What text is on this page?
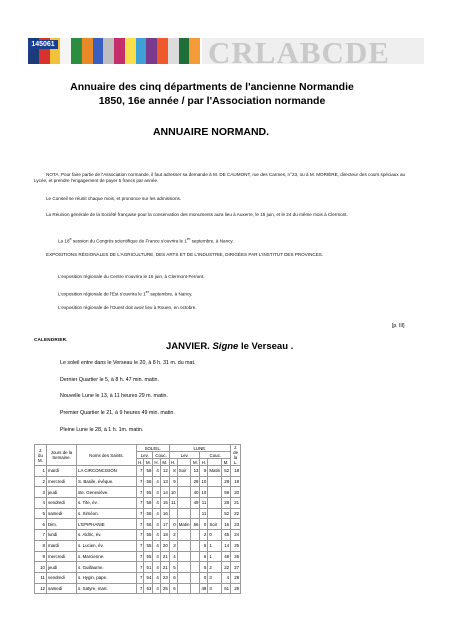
145061	CRLABCDE
Annuaire des cinq départments de l'ancienne Normandie 1850, 16e année / par l'Association normande
ANNUAIRE NORMAND.
NOTA. Pour faire partie de l'Association normande, il faut adresser sa demande à M. DE CAUMONT, rue des Carmes, n°23, ou à M. MORIÈRE, directeur des cours spéciaux au Lycée, et prendre l'engagement de payer 5 francs par année.
Le Conseil se réunit chaque mois, et prononce sur les admissions.
La Réunion générale de la Société française pour la conservation des monuments aura lieu à Auxerre, le 15 juin, et le 24 du même mois à Clermont.
La 18e session du Congrès scientifique de France s'ouvrira le 1er septembre, à Nancy.
EXPOSITIONS RÉGIONALES DE L'AGRICULTURE, DES ARTS ET DE L'INDUSTRIE, DIRIGÉES PAR L'INSTITUT DES PROVINCES.
L'exposition régionale du Centre s'ouvrira le 15 juin, à Clermont-Ferrant.
L'exposition régionale de l'Est s'ouvrira le 1er septembre, à Nancy.
L'exposition régionale de l'Ouest doit avoir lieu à Rouen, en octobre.
[p. III]
CALENDRIER.
JANVIER. Signe le Verseau .
Le soleil entre dans le Verseau le 20, à 8 h. 31 m. du mat.
Dernier Quartier le 5, à 8 h. 47 min. matin.
Nouvelle Lune le 13, à 11 heures 29 m. matin.
Premier Quartier le 21, à 9 heures 49 min. matin.
Pleine Lune le 28, à 1 h. 1m. matin.
J. du M.	Jours de la Semaine.	Noms des Saints.	SOLEIL.				LUNE.						J. de la L.
			Lev.		Couc.		Lev.			Couc.			
			H.	M.	H.	M.	H.		M.	H.		M.	
1	mardi	LA CIRCONCISION	7	56	4	12	8	Soir	13	9	Matin	52	18
2	mercredi	S. Basile, évêque.	7	56	4	13	9		28	10		28	19
3	jeudi	ste. Geneviève.	7	55	4	14	10		40	10		59	20
4	vendredi	s. Tite, év.	7	56	4	15	11		49	11		28	21
5	samedi	s. Siméon.	7	56	4	16				11		52	22
6	Dim.	L'EPIPHANIE	7	56	4	17	0	Matin	56	0	Soir	16	23
7	lundi	s. Aldric, év.	7	55	4	18	2			2	0	45	24
8	mardi	s. Lucien, év.	7	55	4	20	3			5	1	14	25
9	mercredi	s. Marcienne.	7	55	4	21	4			6	1	48	26
10	jeudi	s. Guillaume.	7	51	4	21	5			5	2	22	27
11	vendredi	s. Hygin, pape.	7	54	4	23	6			0	3	4	28
12	samedi	s. Satyre, mart.	7	53	4	25	6			49	3	51	29
